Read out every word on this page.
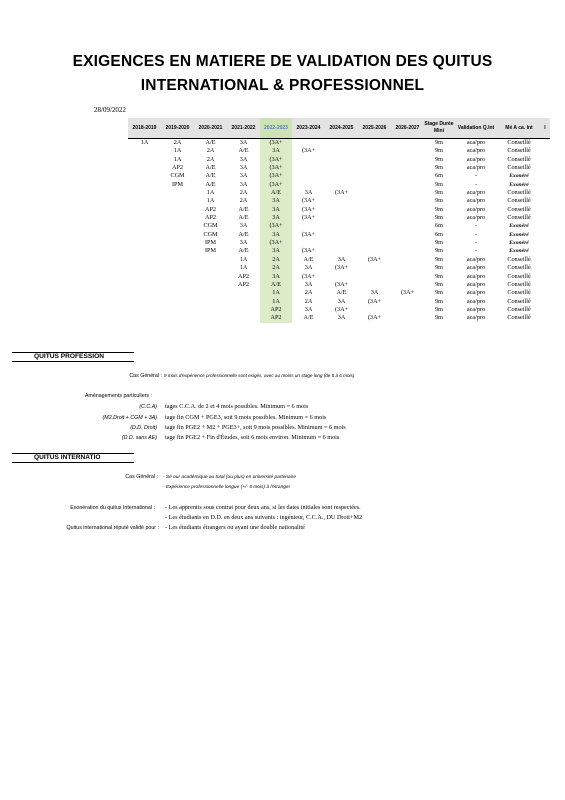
EXIGENCES EN MATIERE DE VALIDATION DES QUITUS
INTERNATIONAL & PROFESSIONNEL
28/09/2022
2018-2019	2019-2020	2020-2021	2021-2022	2022-2023	2023-2024	2024-2025	2025-2026	2026-2027	Stage Durée Mini	Validation Q.Int	Mé A ca. Int	I
1A	2A	A/E	3A	(3A+					9m	aca/pro	Conseillé	
	1A	2A	A/E	3A	(3A+				9m	aca/pro	Conseillé	
	1A	2A	3A	(3A+					9m	aca/pro	Conseillé	
	AP2	A/E	3A	(3A+					9m	aca/pro	Conseillé	
	CGM	A/E	3A	(3A+					6m	-	Exonéré	
	IPM	A/E	3A	(3A+					9m	-	Exonéré	
		1A	2A	A/E	3A	(3A+			9m	aca/pro	Conseillé	
		1A	2A	3A	(3A+				9m	aca/pro	Conseillé	
		AP2	A/E	3A	(3A+				9m	aca/pro	Conseillé	
		AP2	A/E	3A	(3A+				9m	aca/pro	Conseillé	
		CGM	3A	(3A+					6m	-	Exonéré	
		CGM	A/E	3A	(3A+				6m	-	Exonéré	
		IPM	3A	(3A+					9m	-	Exonéré	
		IPM	A/E	3A	(3A+				9m	-	Exonéré	
			1A	2A	A/E	3A	(3A+		9m	aca/pro	Conseillé	
			1A	2A	3A	(3A+			9m	aca/pro	Conseillé	
			AP2	3A	(3A+				9m	aca/pro	Conseillé	
			AP2	A/E	3A	(3A+			9m	aca/pro	Conseillé	
				1A	2A	A/E	3A	(3A+	9m	aca/pro	Conseillé	
				1A	2A	3A	(3A+		9m	aca/pro	Conseillé	
				AP2	3A	(3A+			9m	aca/pro	Conseillé	
				AP2	A/E	3A	(3A+		9m	aca/pro	Conseillé	
QUITUS PROFESSION
Cas Général : 9 mois d'expérience professionnelle sont exigés, avec au moins un stage long (de 5 à 6 mois)
Aménagements particuliers :
(C.C.A) tages C.C.A. de 2 et 4 mois possibles. Minimum = 6 mois
(M2.Droit + CGM + 3A) tage fin CGM + PGE3, soit 9 mois possibles. Minimum = 6 mois
(D.D. Droit) tage fin PGE2 + M2 + PGE3+, soit 9 mois possibles. Minimum = 6 mois
(D.D. sans AE) tage fin PGE2 + Fin d'Études, soit 6 mois environ. Minimum = 6 mois
QUITUS INTERNATIO
Cas Général : - Sé our académique au total (ou plus) en université partenaire
- Expérience professionnelle longue (+/- 5 mois) à l'étranger
Exonération du quitus International : - Les apprentis sous contrat pour deux ans, si les dates initiales sont respectées.
- Les étudiants en D.D. en deux ans suivants : ingénieur, C.C.A., DU Droit+M2
Quitus international réputé validé pour : - Les étudiants étrangers ou ayant une double nationalité
